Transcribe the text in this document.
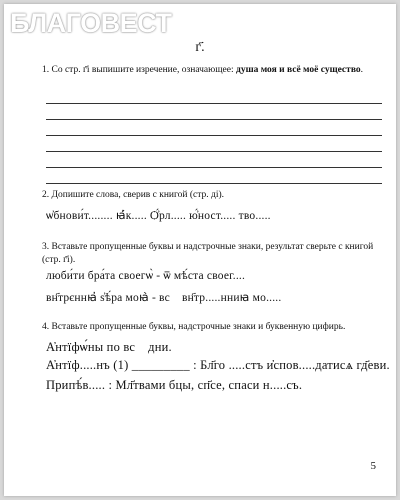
БЛАГОВЕСТ
г҃.
1. Со стр. г҃і выпишите изречение, означающее: душа моя и всё моё существо.
2. Допишите слова, сверив с книгой (стр. ді).
ѡ҆бнови́т........ ꙗ҆́к..... Ѻ҆́рл..... ю҆́ност..... тво.....
3. Вставьте пропущенные буквы и надстрочные знаки, результат сверьте с книгой (стр. г҃і).
люби́ти бра́та своегѡ̀ - ѿ мѣ́ста своег....
вн҃трєннꙗ҆ ѕ҆ѣ́ра моꙗ̀ - вс꙽ вн҃тр.....нниꙗ мо.....
4. Вставьте пропущенные буквы, надстрочные знаки и буквенную цифирь.
А҆нтїфѡ́ны по вс꙽ дни.
А҆нтїф.....нъ (1) _________ : Бл҃го .....стъ и҆спов.....датисѧ гд҃еви.
Припѣ́в..... : Мл҃твами бцы, сп҃се, спаси н.....съ.
5
